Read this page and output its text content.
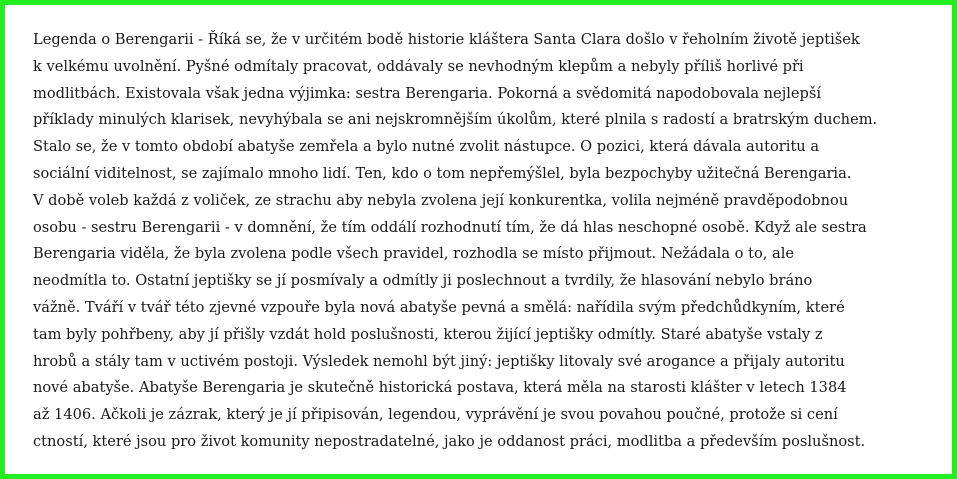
Legenda o Berengarii - Říká se, že v určitém bodě historie kláštera Santa Clara došlo v řeholním životě jeptišek
k velkému uvolnění. Pyšné odmítaly pracovat, oddávaly se nevhodným klepům a nebyly příliš horlivé při
modlitbách. Existovala však jedna výjimka: sestra Berengaria. Pokorná a svědomitá napodobovala nejlepší
příklady minulých klarisek, nevyhýbala se ani nejskromnějším úkolům, které plnila s radostí a bratrským duchem.
Stalo se, že v tomto období abatyše zemřela a bylo nutné zvolit nástupce. O pozici, která dávala autoritu a
sociální viditelnost, se zajímalo mnoho lidí. Ten, kdo o tom nepřemýšlel, byla bezpochyby užitečná Berengaria.
V době voleb každá z voliček, ze strachu aby nebyla zvolena její konkurentka, volila nejméně pravděpodobnou
osobu - sestru Berengarii - v domnění, že tím oddálí rozhodnutí tím, že dá hlas neschopné osobě. Když ale sestra
Berengaria viděla, že byla zvolena podle všech pravidel, rozhodla se místo přijmout. Nežádala o to, ale
neodmítla to. Ostatní jeptišky se jí posmívaly a odmítly ji poslechnout a tvrdily, že hlasování nebylo bráno
vážně. Tváří v tvář této zjevné vzpouře byla nová abatyše pevná a smělá: nařídila svým předchůdkyním, které
tam byly pohřbeny, aby jí přišly vzdát hold poslušnosti, kterou žijící jeptišky odmítly. Staré abatyše vstaly z
hrobů a stály tam v uctivém postoji. Výsledek nemohl být jiný: jeptišky litovaly své arogance a přijaly autoritu
nové abatyše. Abatyše Berengaria je skutečně historická postava, která měla na starosti klášter v letech 1384
až 1406. Ačkoli je zázrak, který je jí připisován, legendou, vyprávění je svou povahou poučné, protože si cení
ctností, které jsou pro život komunity nepostradatelné, jako je oddanost práci, modlitba a především poslušnost.
